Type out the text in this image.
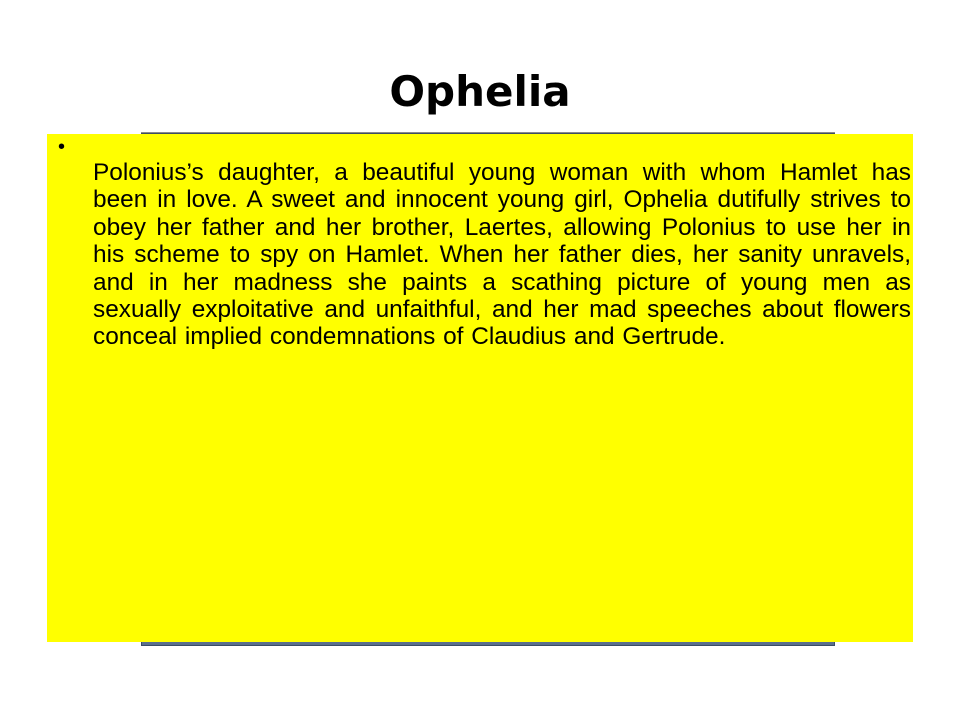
Ophelia
•

Polonius’s daughter, a beautiful young woman with whom Hamlet has been in love. A sweet and innocent young girl, Ophelia dutifully strives to obey her father and her brother, Laertes, allowing Polonius to use her in his scheme to spy on Hamlet. When her father dies, her sanity unravels, and in her madness she paints a scathing picture of young men as sexually exploitative and unfaithful, and her mad speeches about flowers conceal implied condemnations of Claudius and Gertrude.
